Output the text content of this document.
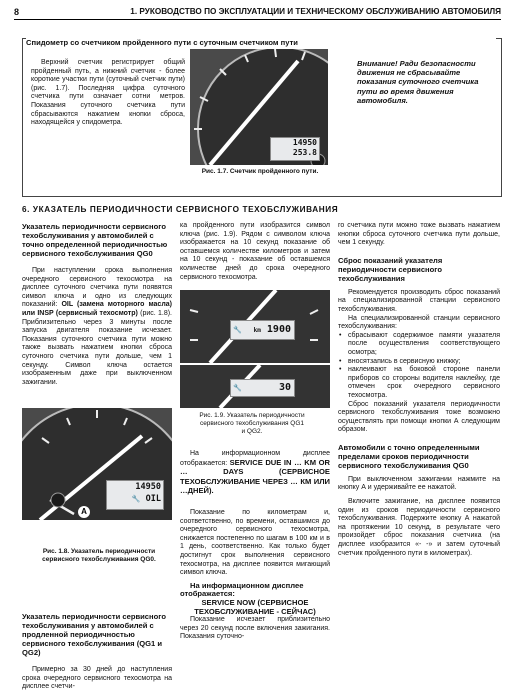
8	1. РУКОВОДСТВО ПО ЭКСПЛУАТАЦИИ И ТЕХНИЧЕСКОМУ ОБСЛУЖИВАНИЮ АВТОМОБИЛЯ
Спидометр со счетчиком пройденного пути с суточным счетчиком пути

Верхний счетчик регистрирует общий пройденный путь, а нижний счетчик - более короткие участки пути (суточный счетчик пути) (рис. 1.7). Последняя цифра суточного счетчика пути означает сотни метров. Показания суточного счетчика пути сбрасываются нажатием кнопки сброса, находящейся у спидометра.

Внимание! Ради безопасности движения не сбрасывайте показания суточного счетчика пути во время движения автомобиля.

14950
253.8
Рис. 1.7. Счетчик пройденного пути.
6. УКАЗАТЕЛЬ ПЕРИОДИЧНОСТИ СЕРВИСНОГО ТЕХОБСЛУЖИВАНИЯ
Указатель периодичности сервисного техобслуживания у автомобилей с точно определенной периодичностью сервисного техобслуживания QG0

При наступлении срока выполнения очередного сервисного техосмотра на дисплее суточного счетчика пути появятся символ ключа и одно из следующих показаний: OIL (замена моторного масла) или INSP (сервисный техосмотр) (рис. 1.8). Приблизительно через 3 минуты после запуска двигателя показание исчезает. Показания суточного счетчика пути можно также вызвать нажатием кнопки сброса суточного счетчика пути дольше, чем 1 секунду. Символ ключа остается изображенным даже при выключенном зажигании.

A
14950
🔧 OIL
Рис. 1.8. Указатель периодичности сервисного техобслуживания QG0.
Указатель периодичности сервисного техобслуживания у автомобилей с продленной периодичностью сервисного техобслуживания (QG1 и QG2)

Примерно за 30 дней до наступления срока очередного сервисного техосмотра на дисплее счетчи-

ка пройденного пути изобразится символ ключа (рис. 1.9). Рядом с символом ключа изображается на 10 секунд показание об оставшемся количестве километров и затем на 10 секунд - показание об оставшемся количестве дней до срока очередного сервисного техосмотра.

🔧 km 1900
🔧	30
Рис. 1.9. Указатель периодичности сервисного техобслуживания QG1 и QG2.

На информационном дисплее отображается: SERVICE DUE IN … KM OR … DAYS (СЕРВИСНОЕ ТЕХОБСЛУЖИВАНИЕ ЧЕРЕЗ … КМ ИЛИ …ДНЕЙ).

Показание по километрам и, соответственно, по времени, оставшимся до очередного сервисного техосмотра, снижается постепенно по шагам в 100 км и в 1 день, соответственно. Как только будет достигнут срок выполнения сервисного техосмотра, на дисплее появится мигающий символ ключа.

На информационном дисплее отображается:

SERVICE NOW (СЕРВИСНОЕ ТЕХОБСЛУЖИВАНИЕ - СЕЙЧАС)

Показание исчезает приблизительно через 20 секунд после включения зажигания. Показания суточно-

го счетчика пути можно тоже вызвать нажатием кнопки сброса суточного счетчика пути дольше, чем 1 секунду.

Сброс показаний указателя периодичности сервисного техобслуживания

Рекомендуется производить сброс показаний на специализированной станции сервисного техобслуживания.

На специализированной станции сервисного техобслуживания:

• сбрасывают содержимое памяти указателя после осуществления соответствующего осмотра;
• вносятзапись в сервисную книжку;
• наклеивают на боковой стороне панели приборов со стороны водителя наклейку, где отмечен срок очередного сервисного техосмотра.

Сброс показаний указателя периодичности сервисного техобслуживания тоже возможно осуществлять при помощи кнопки А следующим образом.

Автомобили с точно определенными пределами сроков периодичности сервисного техобслуживания QG0

При выключенном зажигании нажмите на кнопку А и удерживайте ее нажатой.

Включите зажигание, на дисплее появится один из сроков периодичности сервисного техобслуживания. Подержите кнопку А нажатой на протяжении 10 секунд, в результате чего произойдет сброс показания счетчика (на дисплее изобразится «- -» и затем суточный счетчик пройденного пути в километрах).
